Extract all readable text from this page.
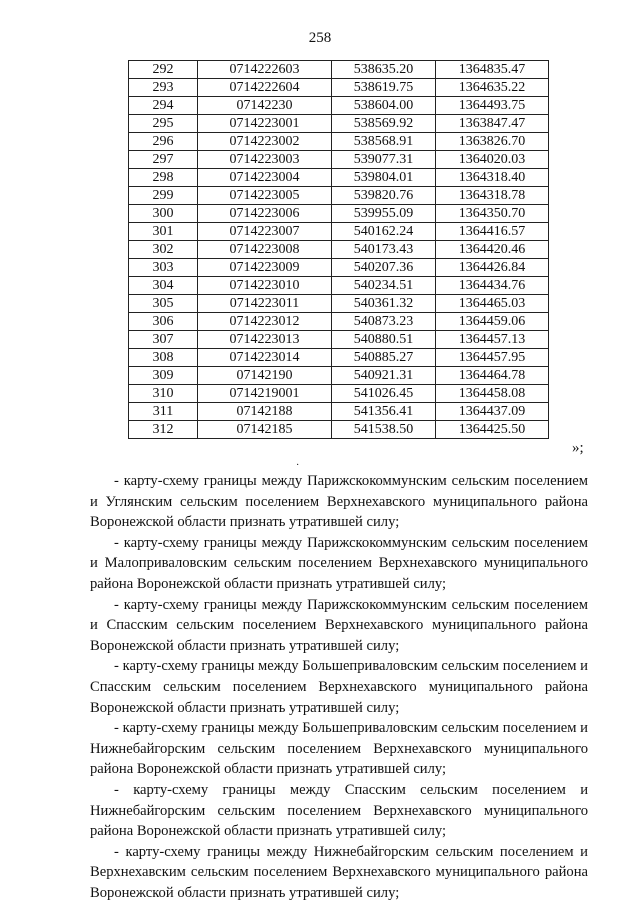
258
292	0714222603	538635.20	1364835.47
293	0714222604	538619.75	1364635.22
294	07142230	538604.00	1364493.75
295	0714223001	538569.92	1363847.47
296	0714223002	538568.91	1363826.70
297	0714223003	539077.31	1364020.03
298	0714223004	539804.01	1364318.40
299	0714223005	539820.76	1364318.78
300	0714223006	539955.09	1364350.70
301	0714223007	540162.24	1364416.57
302	0714223008	540173.43	1364420.46
303	0714223009	540207.36	1364426.84
304	0714223010	540234.51	1364434.76
305	0714223011	540361.32	1364465.03
306	0714223012	540873.23	1364459.06
307	0714223013	540880.51	1364457.13
308	0714223014	540885.27	1364457.95
309	07142190	540921.31	1364464.78
310	0714219001	541026.45	1364458.08
311	07142188	541356.41	1364437.09
312	07142185	541538.50	1364425.50
»;
·

- карту-схему границы между Парижскокоммунским сельским поселением и Углянским сельским поселением Верхнехавского муниципального района Воронежской области признать утратившей силу;

- карту-схему границы между Парижскокоммунским сельским поселением и Малоприваловским сельским поселением Верхнехавского муниципального района Воронежской области признать утратившей силу;

- карту-схему границы между Парижскокоммунским сельским поселением и Спасским сельским поселением Верхнехавского муниципального района Воронежской области признать утратившей силу;

- карту-схему границы между Большеприваловским сельским поселением и Спасским сельским поселением Верхнехавского муниципального района Воронежской области признать утратившей силу;

- карту-схему границы между Большеприваловским сельским поселением и Нижнебайгорским сельским поселением Верхнехавского муниципального района Воронежской области признать утратившей силу;

- карту-схему границы между Спасским сельским поселением и Нижнебайгорским сельским поселением Верхнехавского муниципального района Воронежской области признать утратившей силу;

- карту-схему границы между Нижнебайгорским сельским поселением и Верхнехавским сельским поселением Верхнехавского муниципального района Воронежской области признать утратившей силу;
